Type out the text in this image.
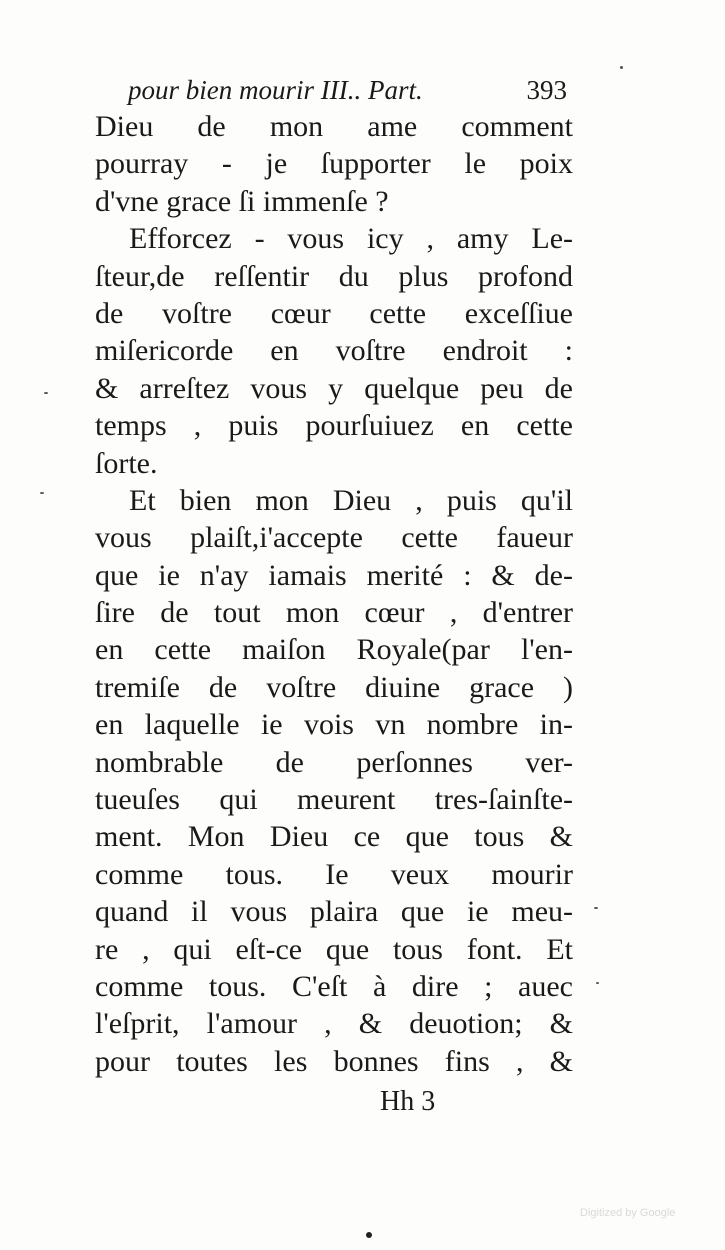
pour bien mourir III.. Part.	393
Dieu de mon ame comment
pourray - je ſupporter le poix
d'vne grace ſi immenſe ?
Efforcez - vous icy , amy Le-
ſteur,de reſſentir du plus profond
de voſtre cœur cette exceſſiue
miſericorde en voſtre endroit :
& arreſtez vous y quelque peu de
temps , puis pourſuiuez en cette
ſorte.
Et bien mon Dieu , puis qu'il
vous plaiſt,i'accepte cette faueur
que ie n'ay iamais merité : & de-
ſire de tout mon cœur , d'entrer
en cette maiſon Royale(par l'en-
tremiſe de voſtre diuine grace )
en laquelle ie vois vn nombre in-
nombrable de perſonnes ver-
tueuſes qui meurent tres-ſainſte-
ment. Mon Dieu ce que tous &
comme tous. Ie veux mourir
quand il vous plaira que ie meu-
re , qui eſt-ce que tous font. Et
comme tous. C'eſt à dire ; auec
l'eſprit, l'amour , & deuotion; &
pour toutes les bonnes fins , &
Hh 3
Digitized by Google
